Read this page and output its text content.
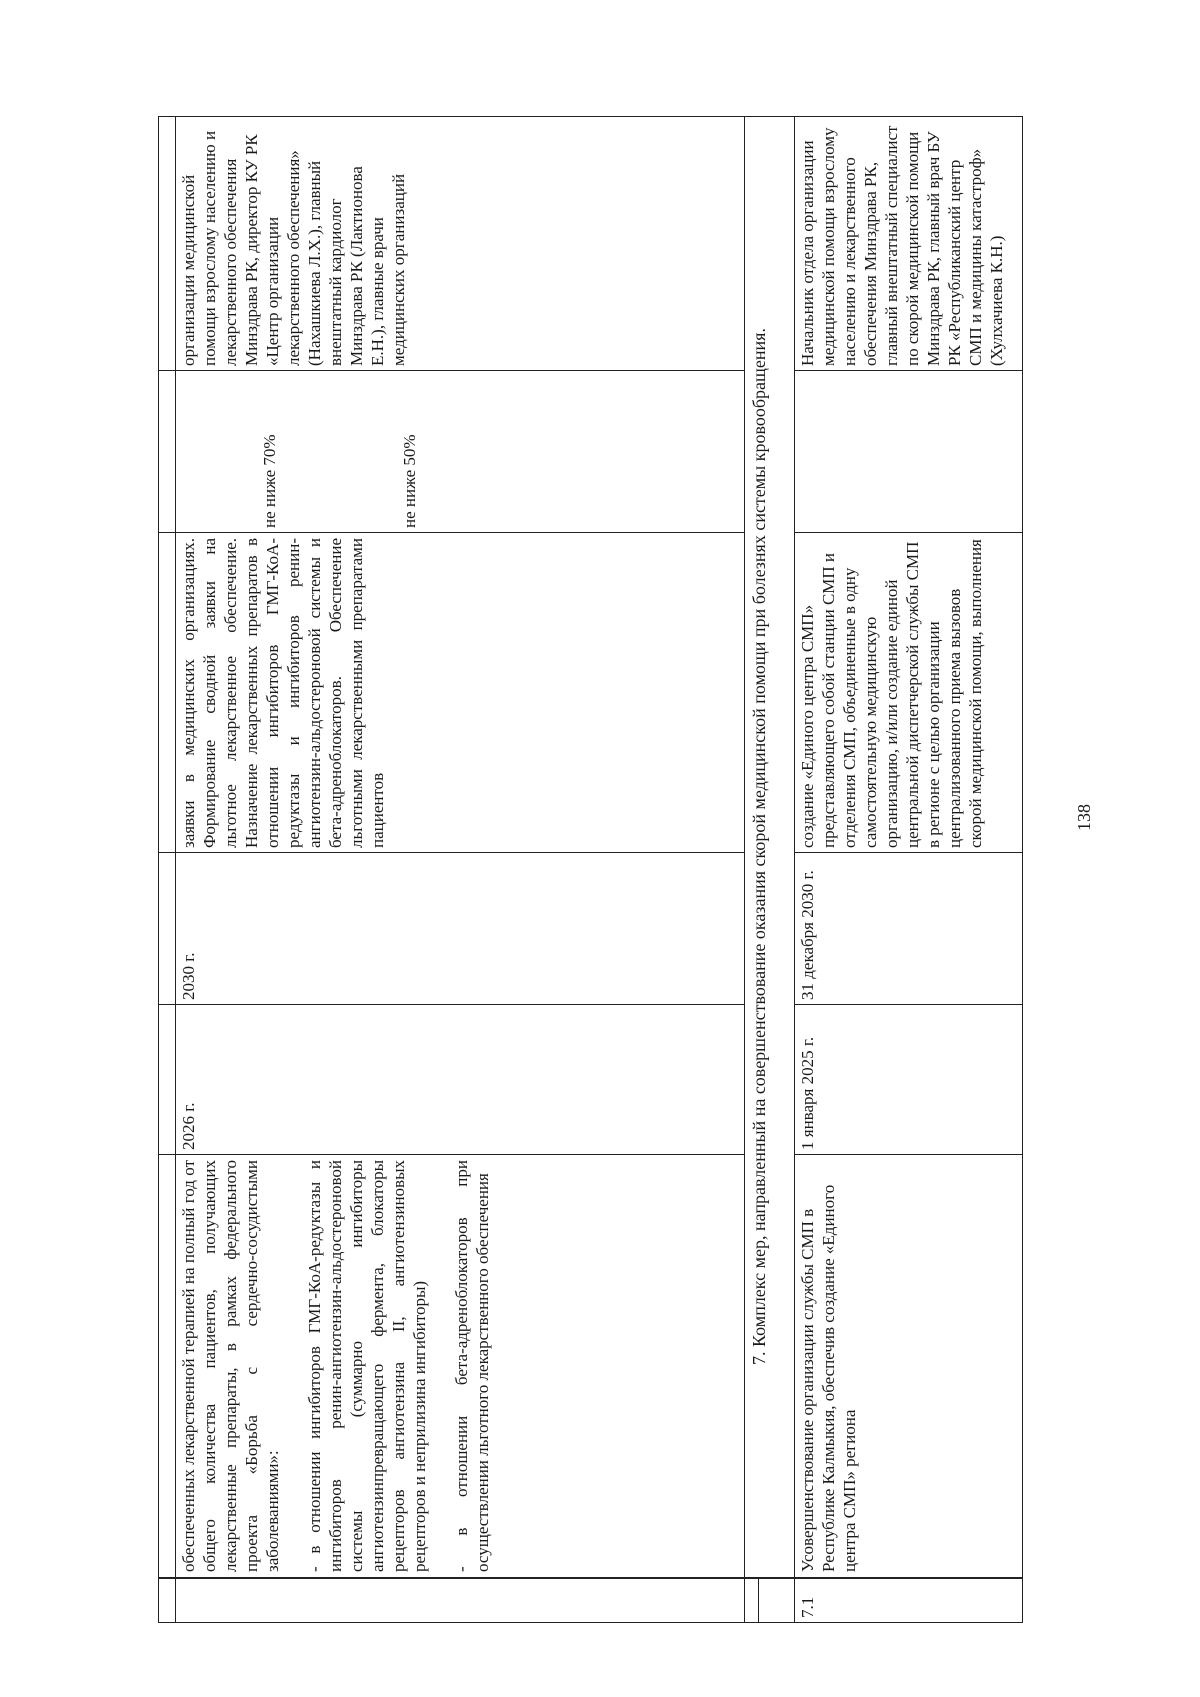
обеспеченных лекарственной терапией на полный год от общего количества пациентов, получающих лекарственные препараты, в рамках федерального проекта «Борьба с сердечно-сосудистыми заболеваниями»:

- в отношении ингибиторов ГМГ-КоА-редуктазы и ингибиторов ренин-ангиотензин-альдостероновой системы (суммарно ингибиторы ангиотензинпревращающего фермента, блокаторы рецепторов ангиотензина II, ангиотензиновых рецепторов и неприлизина ингибиторы)

- в отношении бета-адреноблокаторов при осуществлении льготного лекарственного обеспечения
2026 г.
2030 г.
заявки в медицинских организациях. Формирование сводной заявки на льготное лекарственное обеспечение. Назначение лекарственных препаратов в отношении ингибиторов ГМГ-КоА-редуктазы и ингибиторов ренин-ангиотензин-альдостероновой системы и бета-адреноблокаторов. Обеспечение льготными лекарственными препаратами пациентов
не ниже 70%	не ниже 50%
организации медицинской помощи взрослому населению и лекарственного обеспечения Минздрава РК, директор КУ РК «Центр организации лекарственного обеспечения» (Нахашкиева Л.Х.), главный внештатный кардиолог Минздрава РК (Лактионова Е.Н.), главные врачи медицинских организаций
7. Комплекс мер, направленный на совершенствование оказания скорой медицинской помощи при болезнях системы кровообращения.
7.1
Усовершенствование организации службы СМП в Республике Калмыкия, обеспечив создание «Единого центра СМП» региона
1 января 2025 г.
31 декабря 2030 г.
создание «Единого центра СМП» представляющего собой станции СМП и отделения СМП, объединенные в одну самостоятельную медицинскую организацию, и/или создание единой центральной диспетчерской службы СМП в регионе с целью организации централизованного приема вызовов скорой медицинской помощи, выполнения
Начальник отдела организации медицинской помощи взрослому населению и лекарственного обеспечения Минздрава РК, главный внештатный специалист по скорой медицинской помощи Минздрава РК, главный врач БУ РК «Республиканский центр СМП и медицины катастроф» (Хулхачиева К.Н.)
138
